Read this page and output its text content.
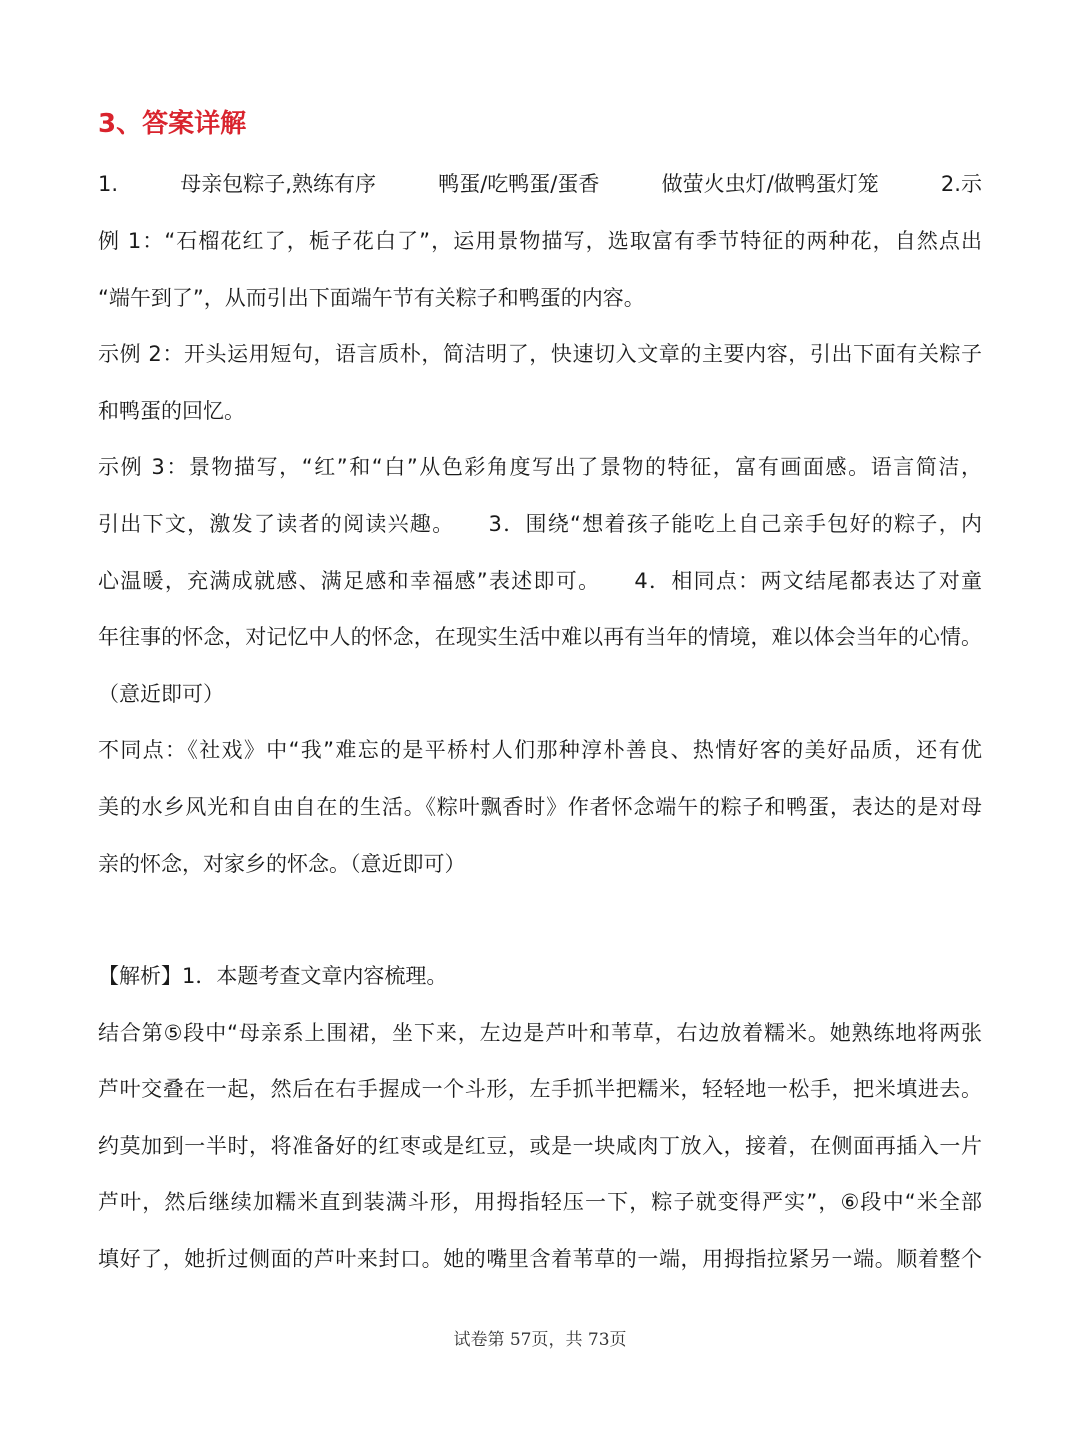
3、答案详解
1.	母亲包粽子,熟练有序	鸭蛋/吃鸭蛋/蛋香	做萤火虫灯/做鸭蛋灯笼	2.示
例 1：“石榴花红了，栀子花白了”，运用景物描写，选取富有季节特征的两种花，自然点出
“端午到了”，从而引出下面端午节有关粽子和鸭蛋的内容。
示例 2：开头运用短句，语言质朴，简洁明了，快速切入文章的主要内容，引出下面有关粽子
和鸭蛋的回忆。
示例 3：景物描写，“红”和“白”从色彩角度写出了景物的特征，富有画面感。语言简洁，
引出下文，激发了读者的阅读兴趣。　　3．围绕“想着孩子能吃上自己亲手包好的粽子，内
心温暖，充满成就感、满足感和幸福感”表述即可。　　4．相同点：两文结尾都表达了对童
年往事的怀念，对记忆中人的怀念，在现实生活中难以再有当年的情境，难以体会当年的心情。
（意近即可）
不同点：《社戏》中“我”难忘的是平桥村人们那种淳朴善良、热情好客的美好品质，还有优
美的水乡风光和自由自在的生活。《粽叶飘香时》作者怀念端午的粽子和鸭蛋，表达的是对母
亲的怀念，对家乡的怀念。（意近即可）
【解析】1．本题考查文章内容梳理。
结合第⑤段中“母亲系上围裙，坐下来，左边是芦叶和苇草，右边放着糯米。她熟练地将两张
芦叶交叠在一起，然后在右手握成一个斗形，左手抓半把糯米，轻轻地一松手，把米填进去。
约莫加到一半时，将准备好的红枣或是红豆，或是一块咸肉丁放入，接着，在侧面再插入一片
芦叶，然后继续加糯米直到装满斗形，用拇指轻压一下，粽子就变得严实”，⑥段中“米全部
填好了，她折过侧面的芦叶来封口。她的嘴里含着苇草的一端，用拇指拉紧另一端。顺着整个
试卷第 57页，共 73页
